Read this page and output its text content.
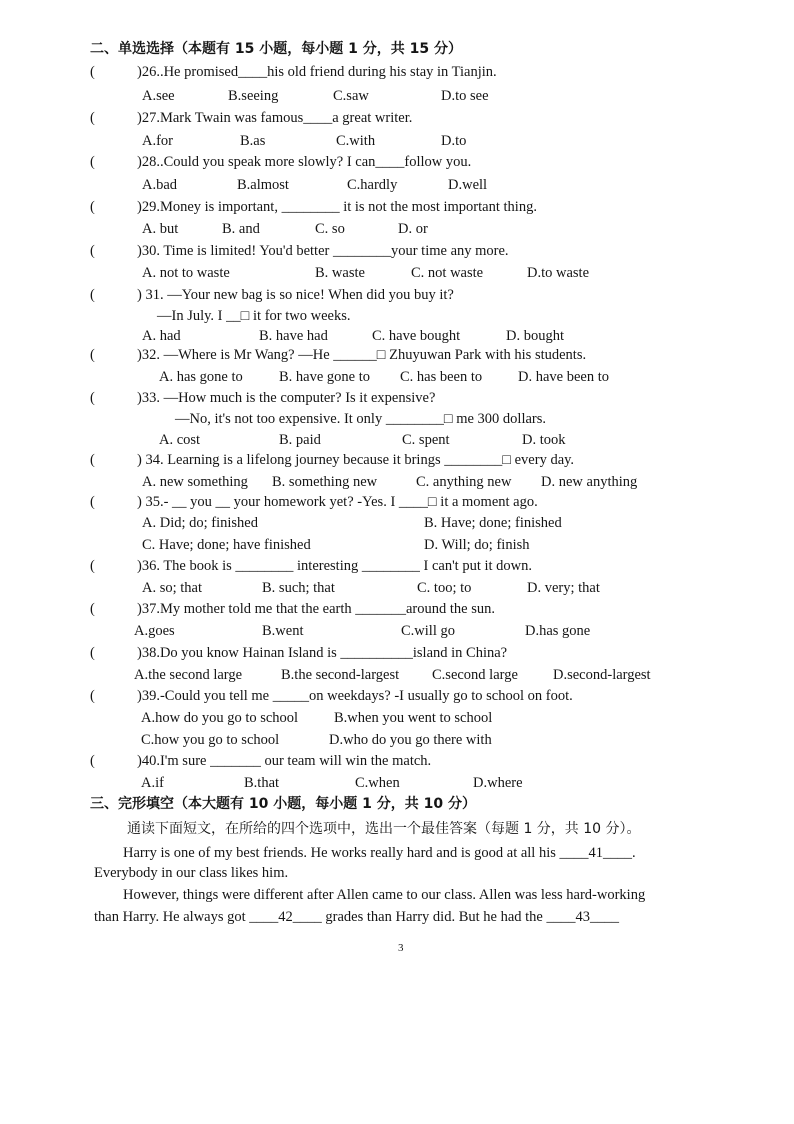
二、单选选择（本题有 15 小题，每小题 1 分，共 15 分）
(	)26..He promised____his old friend during his stay in Tianjin.
A.see	B.seeing	C.saw	D.to see
(	)27.Mark Twain was famous____a great writer.
A.for	B.as	C.with	D.to
(	)28..Could you speak more slowly? I can____follow you.
A.bad	B.almost	C.hardly	D.well
(	)29.Money is important, ________ it is not the most important thing.
A. but	B. and	C. so	D. or
(	)30. Time is limited! You'd better ________your time any more.
A. not to waste	B. waste	C. not waste	D.to waste
(	) 31. —Your new bag is so nice! When did you buy it?
—In July. I __□ it for two weeks.
A. had	B. have had	C. have bought	D. bought
(	)32. —Where is Mr Wang? —He ______□ Zhuyuwan Park with his students.
A. has gone to B. have gone to C. has been to D. have been to
(	)33. —How much is the computer? Is it expensive?
—No, it's not too expensive. It only ________□ me 300 dollars.
A. cost	B. paid	C. spent	D. took
(	) 34. Learning is a lifelong journey because it brings ________□ every day.
A. new something B. something new	C. anything new D. new anything
(	) 35.- __ you __ your homework yet? -Yes. I ____□ it a moment ago.
A. Did; do; finished	B. Have; done; finished
C. Have; done; have finished	D. Will; do; finish
(	)36. The book is ________ interesting ________ I can't put it down.
A. so; that	B. such; that	C. too; to	D. very; that
(	)37.My mother told me that the earth _______around the sun.
A.goes	B.went	C.will go	D.has gone
(	)38.Do you know Hainan Island is __________island in China?
A.the second large	B.the second-largest C.second large D.second-largest
(	)39.-Could you tell me _____on weekdays? -I usually go to school on foot.
A.how do you go to school B.when you went to school
C.how you go to school	D.who do you go there with
(	)40.I'm sure _______ our team will win the match.
A.if	B.that	C.when	D.where
三、完形填空（本大题有 10 小题，每小题 1 分，共 10 分）
通读下面短文，在所给的四个选项中，选出一个最佳答案（每题 1 分，共 10 分）。
Harry is one of my best friends. He works really hard and is good at all his ____41____.
Everybody in our class likes him.
However, things were different after Allen came to our class. Allen was less hard-working
than Harry. He always got ____42____ grades than Harry did. But he had the ____43____
3
